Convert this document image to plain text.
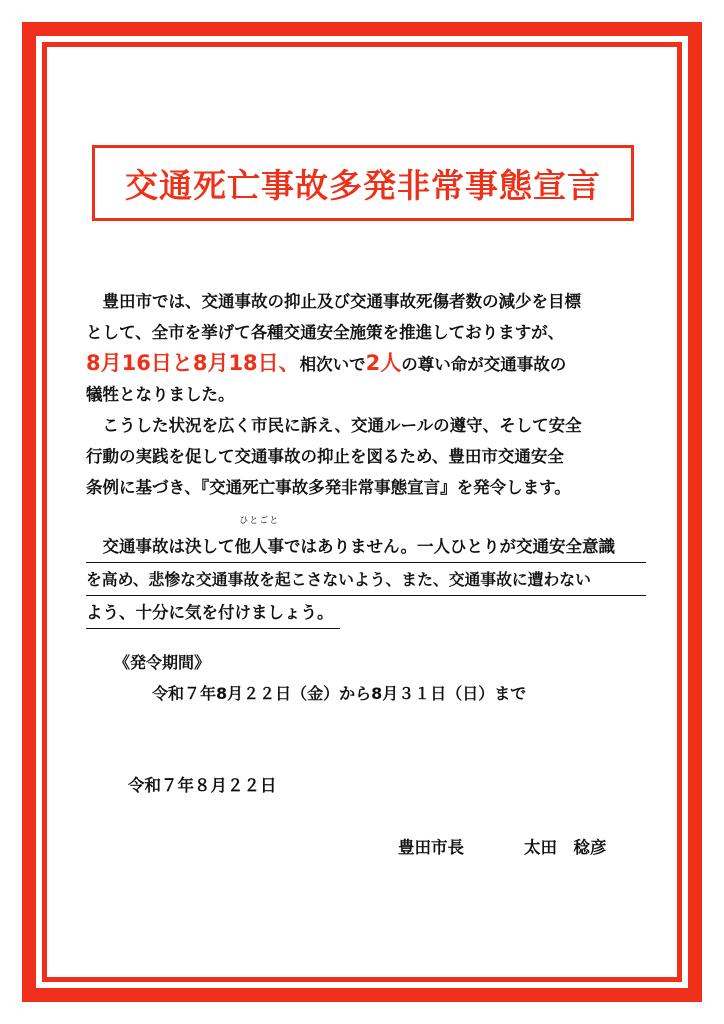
交通死亡事故多発非常事態宣言
　豊田市では、交通事故の抑止及び交通事故死傷者数の減少を目標
として、全市を挙げて各種交通安全施策を推進しておりますが、
8月16日と8月18日、相次いで2人の尊い命が交通事故の
犠牲となりました。
　こうした状況を広く市民に訴え、交通ルールの遵守、そして安全
行動の実践を促して交通事故の抑止を図るため、豊田市交通安全
条例に基づき、『交通死亡事故多発非常事態宣言』を発令します。
　交通事故は決して
ひとごと
他人事ではありません。一人ひとりが交通安全意識
を高め、悲惨な交通事故を起こさないよう、また、交通事故に遭わない
よう、十分に気を付けましょう。
《発令期間》
令和７年8月２２日（金）から8月３１日（日）まで
令和７年８月２２日
豊田市長	太田　稔彦
